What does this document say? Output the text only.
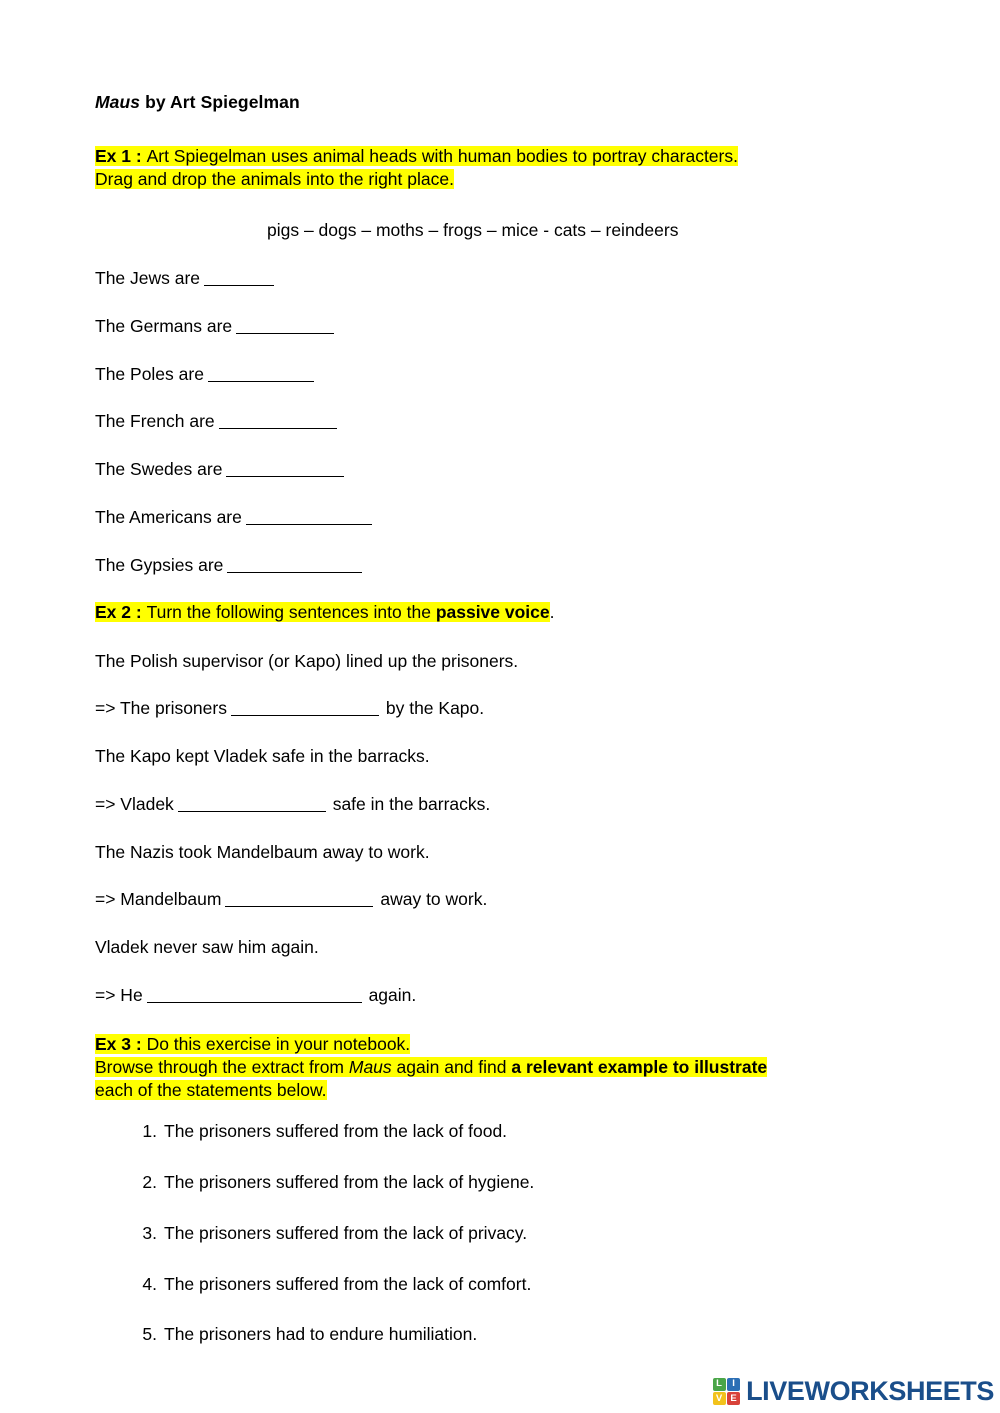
Maus by Art Spiegelman

Ex 1 : Art Spiegelman uses animal heads with human bodies to portray characters.
Drag and drop the animals into the right place.

pigs – dogs – moths – frogs – mice - cats – reindeers

The Jews are
The Germans are
The Poles are
The French are
The Swedes are
The Americans are
The Gypsies are

Ex 2 : Turn the following sentences into the passive voice.

The Polish supervisor (or Kapo) lined up the prisoners.

=> The prisoners	by the Kapo.

The Kapo kept Vladek safe in the barracks.

=> Vladek	safe in the barracks.

The Nazis took Mandelbaum away to work.

=> Mandelbaum	away to work.

Vladek never saw him again.

=> He	again.

Ex 3 : Do this exercise in your notebook.
Browse through the extract from Maus again and find a relevant example to illustrate
each of the statements below.

The prisoners suffered from the lack of food.
The prisoners suffered from the lack of hygiene.
The prisoners suffered from the lack of privacy.
The prisoners suffered from the lack of comfort.
The prisoners had to endure humiliation.
L	I
V E LIVEWORKSHEETS
